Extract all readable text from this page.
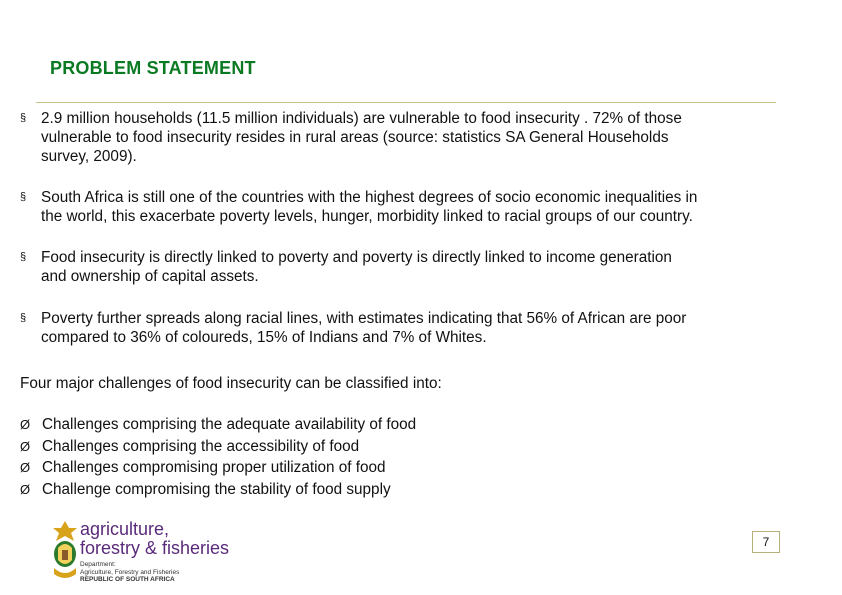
PROBLEM STATEMENT
§ 2.9 million households (11.5 million individuals) are vulnerable to food insecurity . 72% of those
vulnerable to food insecurity resides in rural areas (source: statistics SA General Households
survey, 2009).
§ South Africa is still one of the countries with the highest degrees of socio economic inequalities in
the world, this exacerbate poverty levels, hunger, morbidity linked to racial groups of our country.
§ Food insecurity is directly linked to poverty and poverty is directly linked to income generation
and ownership of capital assets.
§ Poverty further spreads along racial lines, with estimates indicating that 56% of African are poor
compared to 36% of coloureds, 15% of Indians and 7% of Whites.
Four major challenges of food insecurity can be classified into:
Ø Challenges comprising the adequate availability of food
Ø Challenges comprising the accessibility of food
Ø Challenges compromising proper utilization of food
Ø Challenge compromising the stability of food supply
agriculture,
forestry & fisheries
Department:
Agriculture, Forestry and Fisheries
REPUBLIC OF SOUTH AFRICA
7
